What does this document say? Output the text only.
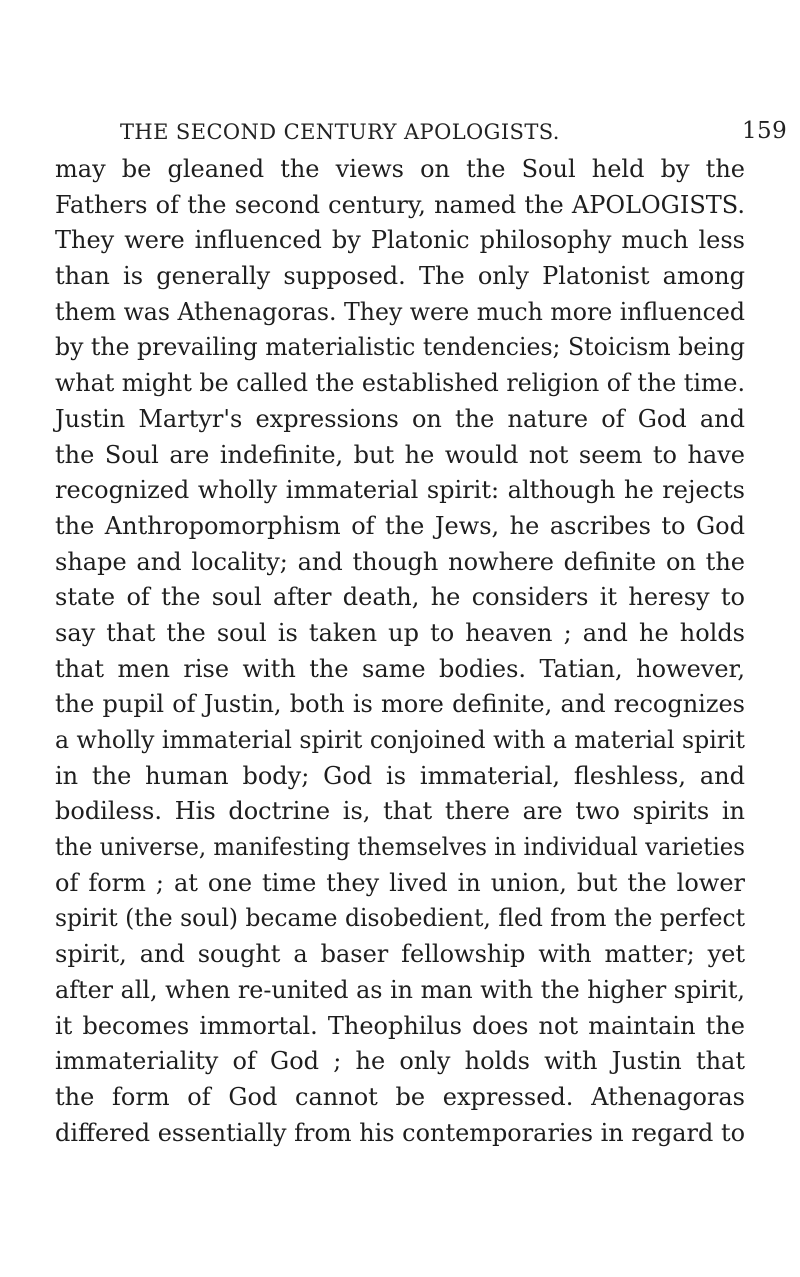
THE SECOND CENTURY APOLOGISTS.	159
may be gleaned the views on the Soul held by the
Fathers of the second century, named the APOLOGISTS.
They were influenced by Platonic philosophy much less
than is generally supposed. The only Platonist among
them was Athenagoras. They were much more influenced
by the prevailing materialistic tendencies; Stoicism being
what might be called the established religion of the time.
Justin Martyr's expressions on the nature of God and
the Soul are indefinite, but he would not seem to have
recognized wholly immaterial spirit: although he rejects
the Anthropomorphism of the Jews, he ascribes to God
shape and locality; and though nowhere definite on the
state of the soul after death, he considers it heresy to
say that the soul is taken up to heaven ; and he holds
that men rise with the same bodies. Tatian, however,
the pupil of Justin, both is more definite, and recognizes
a wholly immaterial spirit conjoined with a material spirit
in the human body; God is immaterial, fleshless, and
bodiless. His doctrine is, that there are two spirits in
the universe, manifesting themselves in individual varieties
of form ; at one time they lived in union, but the lower
spirit (the soul) became disobedient, fled from the perfect
spirit, and sought a baser fellowship with matter; yet
after all, when re-united as in man with the higher spirit,
it becomes immortal. Theophilus does not maintain the
immateriality of God ; he only holds with Justin that
the form of God cannot be expressed. Athenagoras
differed essentially from his contemporaries in regard to
